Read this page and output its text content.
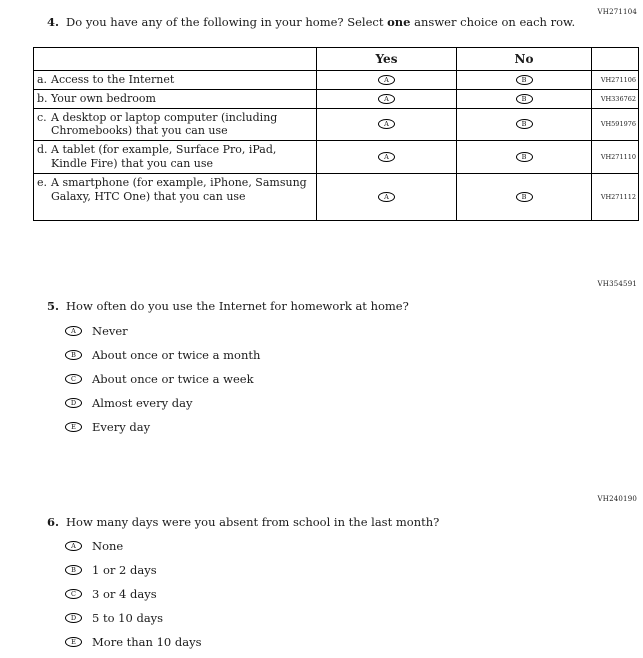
VH271104
4. Do you have any of the following in your home? Select one answer choice on each row.
	Yes	No	

a. Access to the Internet	A	B	VH271106

b. Your own bedroom	A	B	VH336762

c. A desktop or laptop computer (including Chromebooks) that you can use	A	B	VH591976

d. A tablet (for example, Surface Pro, iPad, Kindle Fire) that you can use	A	B	VH271110

e. A smartphone (for example, iPhone, Samsung Galaxy, HTC One) that you can use	A	B	VH271112
VH354591
5. How often do you use the Internet for homework at home?
A	Never
B	About once or twice a month
C	About once or twice a week
D	Almost every day
E	Every day
VH240190
6. How many days were you absent from school in the last month?
A	None
B	1 or 2 days
C	3 or 4 days
D	5 to 10 days
E	More than 10 days
